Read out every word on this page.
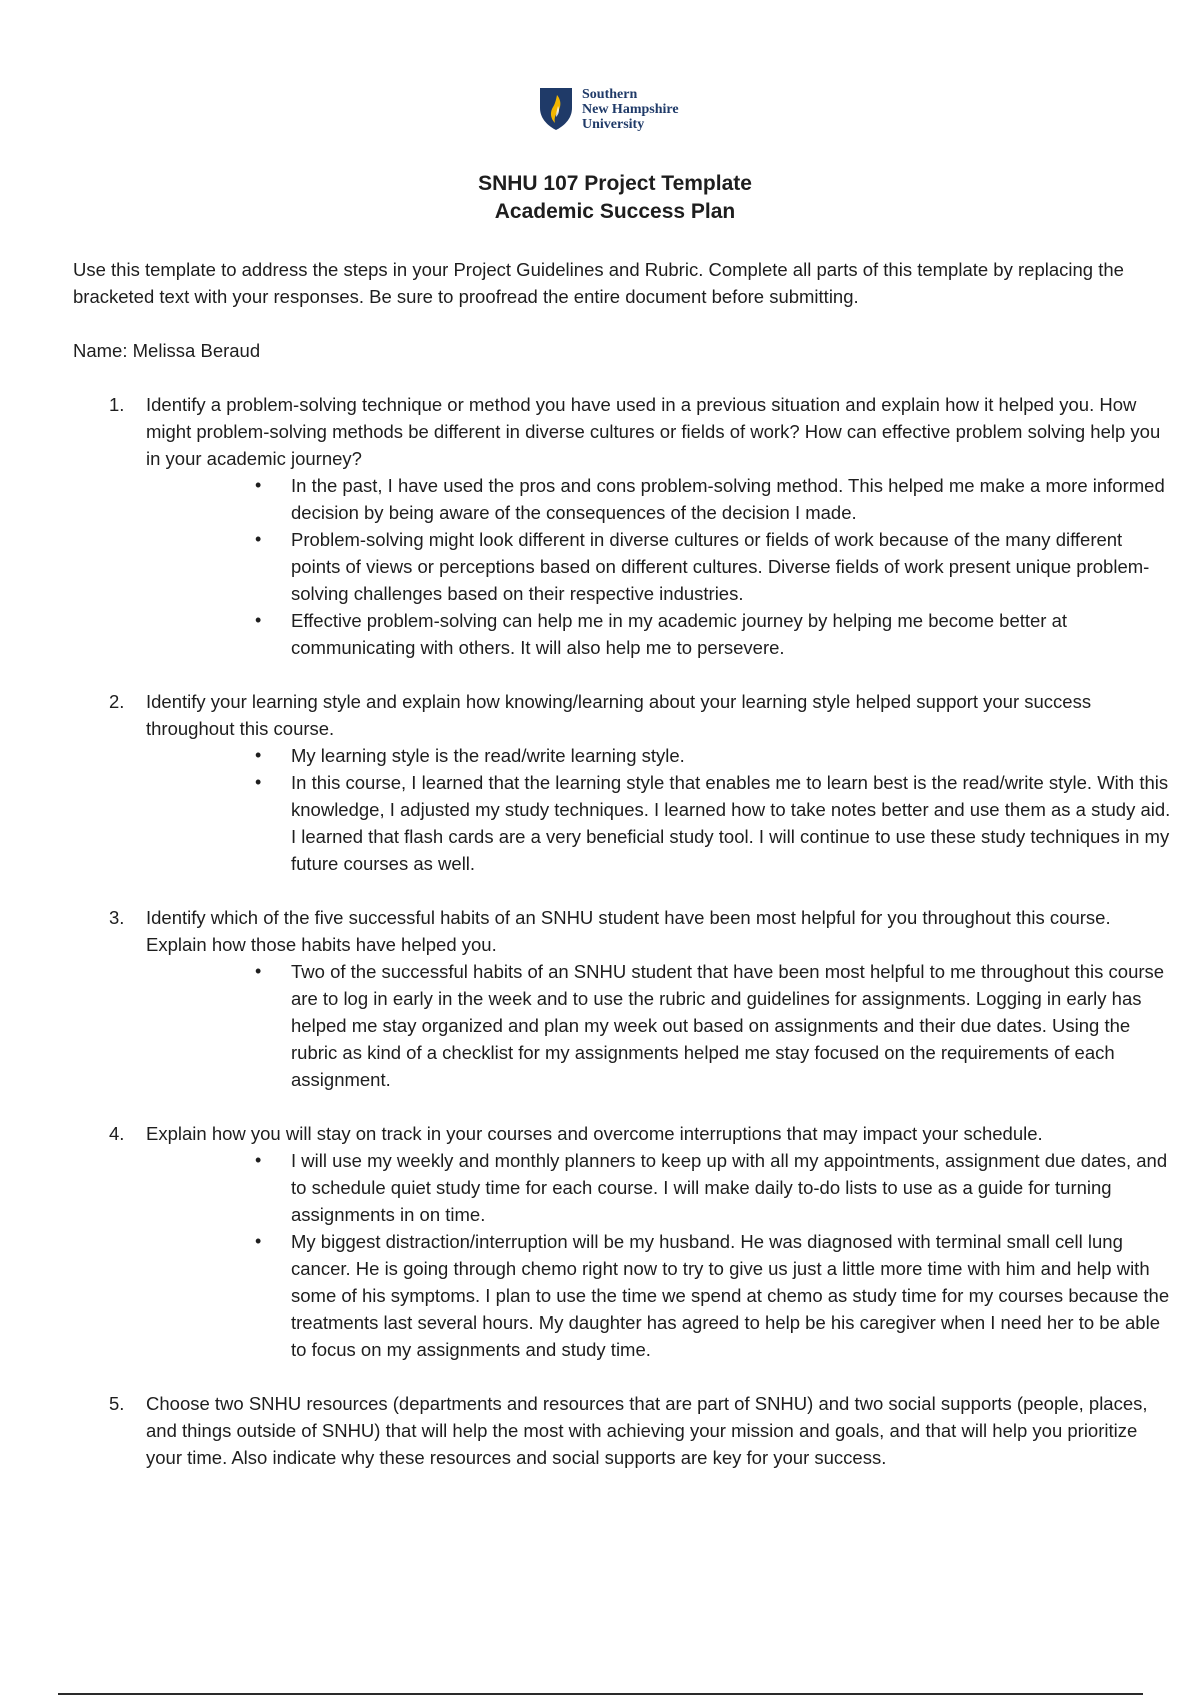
Southern
New Hampshire
University
SNHU 107 Project Template
Academic Success Plan
Use this template to address the steps in your Project Guidelines and Rubric. Complete all parts of this template by replacing the bracketed text with your responses. Be sure to proofread the entire document before submitting.
Name: Melissa Beraud
1. Identify a problem-solving technique or method you have used in a previous situation and explain how it helped you. How might problem-solving methods be different in diverse cultures or fields of work? How can effective problem solving help you in your academic journey?
• In the past, I have used the pros and cons problem-solving method. This helped me make a more informed decision by being aware of the consequences of the decision I made.
• Problem-solving might look different in diverse cultures or fields of work because of the many different points of views or perceptions based on different cultures. Diverse fields of work present unique problem-solving challenges based on their respective industries.
• Effective problem-solving can help me in my academic journey by helping me become better at communicating with others. It will also help me to persevere.
2. Identify your learning style and explain how knowing/learning about your learning style helped support your success throughout this course.
• My learning style is the read/write learning style.
• In this course, I learned that the learning style that enables me to learn best is the read/write style. With this knowledge, I adjusted my study techniques. I learned how to take notes better and use them as a study aid. I learned that flash cards are a very beneficial study tool. I will continue to use these study techniques in my future courses as well.
3. Identify which of the five successful habits of an SNHU student have been most helpful for you throughout this course. Explain how those habits have helped you.
• Two of the successful habits of an SNHU student that have been most helpful to me throughout this course are to log in early in the week and to use the rubric and guidelines for assignments. Logging in early has helped me stay organized and plan my week out based on assignments and their due dates. Using the rubric as kind of a checklist for my assignments helped me stay focused on the requirements of each assignment.
4. Explain how you will stay on track in your courses and overcome interruptions that may impact your schedule.
• I will use my weekly and monthly planners to keep up with all my appointments, assignment due dates, and to schedule quiet study time for each course. I will make daily to-do lists to use as a guide for turning assignments in on time.
• My biggest distraction/interruption will be my husband. He was diagnosed with terminal small cell lung cancer. He is going through chemo right now to try to give us just a little more time with him and help with some of his symptoms. I plan to use the time we spend at chemo as study time for my courses because the treatments last several hours. My daughter has agreed to help be his caregiver when I need her to be able to focus on my assignments and study time.
5. Choose two SNHU resources (departments and resources that are part of SNHU) and two social supports (people, places, and things outside of SNHU) that will help the most with achieving your mission and goals, and that will help you prioritize your time. Also indicate why these resources and social supports are key for your success.
